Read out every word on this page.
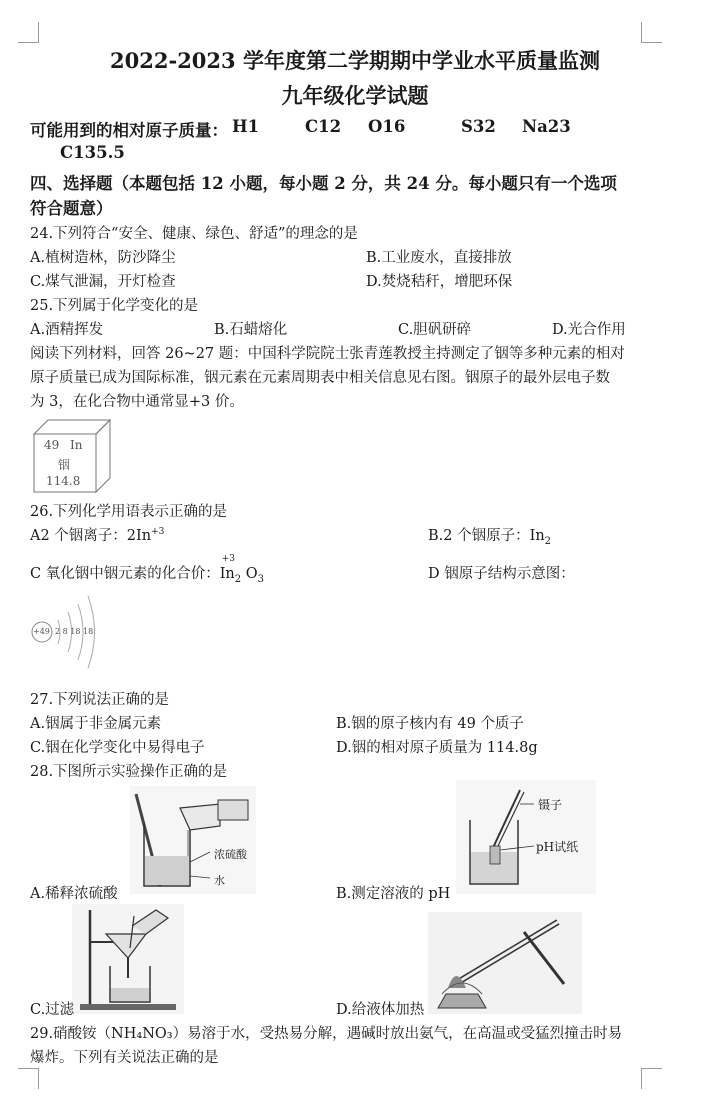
2022-2023 学年度第二学期期中学业水平质量监测
九年级化学试题
可能用到的相对原子质量： H1	C12 O16	S32 Na23
C135.5
四、选择题（本题包括 12 小题，每小题 2 分，共 24 分。每小题只有一个选项
符合题意）
24.下列符合“安全、健康、绿色、舒适”的理念的是
A.植树造林，防沙降尘	B.工业废水，直接排放
C.煤气泄漏，开灯检查	D.焚烧秸秆，增肥环保
25.下列属于化学变化的是
A.酒精挥发	B.石蜡熔化	C.胆矾研碎	D.光合作用
阅读下列材料，回答 26~27 题：中国科学院院士张青莲教授主持测定了铟等多种元素的相对
原子质量已成为国际标准，铟元素在元素周期表中相关信息见右图。铟原子的最外层电子数
为 3，在化合物中通常显+3 价。
49 In
铟
114.8
26.下列化学用语表示正确的是
A2 个铟离子：$2In^{+3}$	B.2 个铟原子：$In_2$
C 氧化铟中铟元素的化合价：
+3
$In_2$ $O_3$	D 铟原子结构示意图：
+49 2 8 18 18
27.下列说法正确的是
A.铟属于非金属元素	B.铟的原子核内有 49 个质子
C.铟在化学变化中易得电子	D.铟的相对原子质量为 114.8g
28.下图所示实验操作正确的是
浓硫酸
水
镊子
pH试纸
A.稀释浓硫酸	B.测定溶液的 pH
C.过滤	D.给液体加热
29.硝酸铵（NH₄NO₃）易溶于水，受热易分解，遇碱时放出氨气，在高温或受猛烈撞击时易
爆炸。下列有关说法正确的是
